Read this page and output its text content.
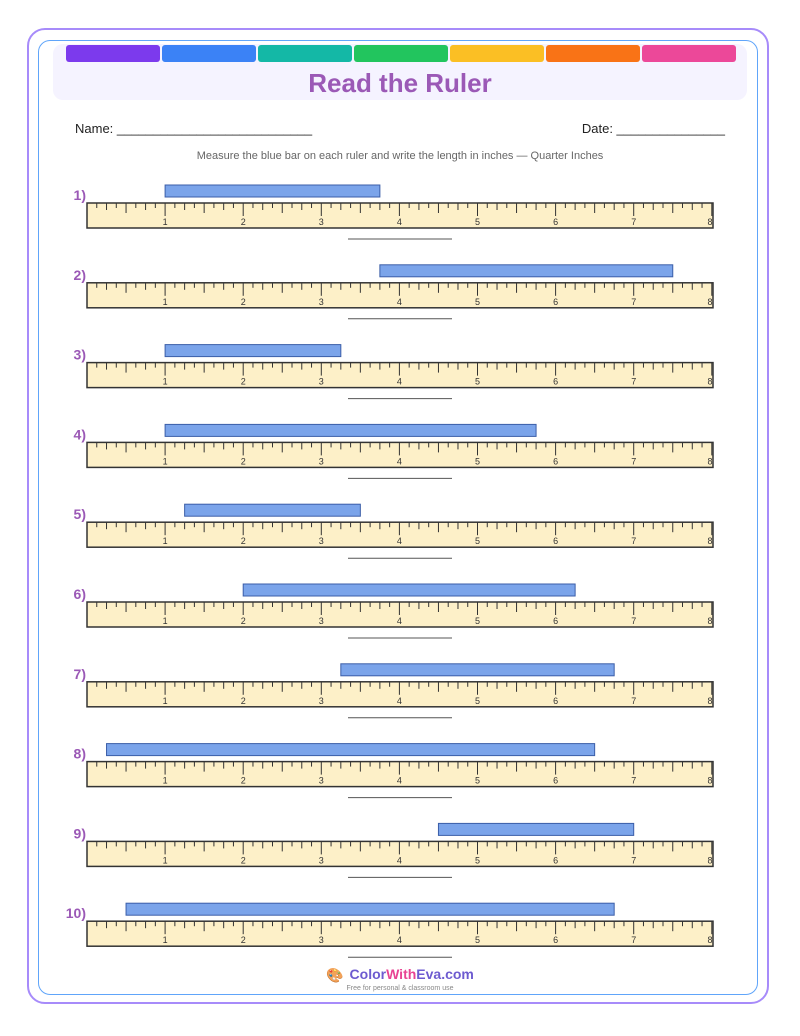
Read the Ruler
Name: ___________________________	Date: _______________
Measure the blue bar on each ruler and write the length in inches — Quarter Inches
1)
1	2	3	4	5	6	7	8
2)
1	2	3	4	5	6	7	8
3)
1	2	3	4	5	6	7	8
4)
1	2	3	4	5	6	7	8
5)
1	2	3	4	5	6	7	8
6)
1	2	3	4	5	6	7	8
7)
1	2	3	4	5	6	7	8
8)
1	2	3	4	5	6	7	8
9)
1	2	3	4	5	6	7	8
10)
1	2	3	4	5	6	7	8
🎨 ColorWithEva.com
Free for personal & classroom use
